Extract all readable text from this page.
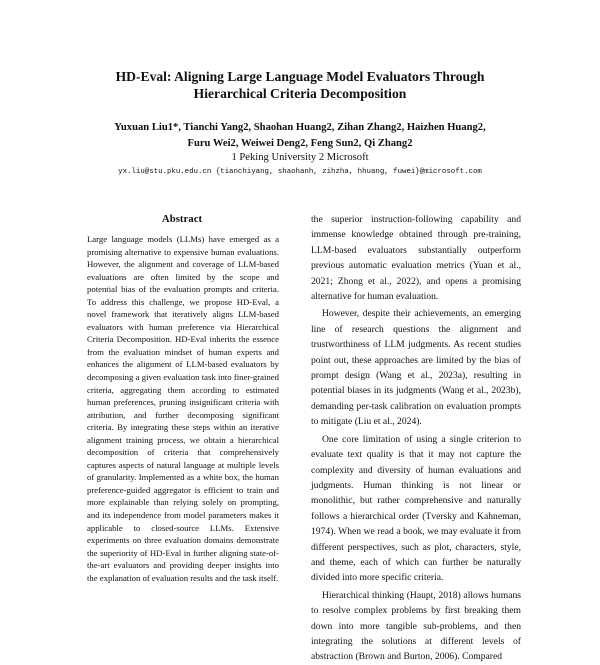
HD-Eval: Aligning Large Language Model Evaluators Through
Hierarchical Criteria Decomposition
Yuxuan Liu1*, Tianchi Yang2, Shaohan Huang2, Zihan Zhang2, Haizhen Huang2,
Furu Wei2, Weiwei Deng2, Feng Sun2, Qi Zhang2
1 Peking University 2 Microsoft
yx.liu@stu.pku.edu.cn {tianchiyang, shaohanh, zihzha, hhuang, fuwei}@microsoft.com
Abstract

Large language models (LLMs) have emerged as a promising alternative to expensive human evaluations. However, the alignment and coverage of LLM-based evaluations are often limited by the scope and potential bias of the evaluation prompts and criteria. To address this challenge, we propose HD-Eval, a novel framework that iteratively aligns LLM-based evaluators with human preference via Hierarchical Criteria Decomposition. HD-Eval inherits the essence from the evaluation mindset of human experts and enhances the alignment of LLM-based evaluators by decomposing a given evaluation task into finer-grained criteria, aggregating them according to estimated human preferences, pruning insignificant criteria with attribution, and further decomposing significant criteria. By integrating these steps within an iterative alignment training process, we obtain a hierarchical decomposition of criteria that comprehensively captures aspects of natural language at multiple levels of granularity. Implemented as a white box, the human preference-guided aggregator is efficient to train and more explainable than relying solely on prompting, and its independence from model parameters makes it applicable to closed-source LLMs. Extensive experiments on three evaluation domains demonstrate the superiority of HD-Eval in further aligning state-of-the-art evaluators and providing deeper insights into the explanation of evaluation results and the task itself.

the superior instruction-following capability and immense knowledge obtained through pre-training, LLM-based evaluators substantially outperform previous automatic evaluation metrics (Yuan et al., 2021; Zhong et al., 2022), and opens a promising alternative for human evaluation.

However, despite their achievements, an emerging line of research questions the alignment and trustworthiness of LLM judgments. As recent studies point out, these approaches are limited by the bias of prompt design (Wang et al., 2023a), resulting in potential biases in its judgments (Wang et al., 2023b), demanding per-task calibration on evaluation prompts to mitigate (Liu et al., 2024).

One core limitation of using a single criterion to evaluate text quality is that it may not capture the complexity and diversity of human evaluations and judgments. Human thinking is not linear or monolithic, but rather comprehensive and naturally follows a hierarchical order (Tversky and Kahneman, 1974). When we read a book, we may evaluate it from different perspectives, such as plot, characters, style, and theme, each of which can further be naturally divided into more specific criteria.

Hierarchical thinking (Haupt, 2018) allows humans to resolve complex problems by first breaking them down into more tangible sub-problems, and then integrating the solutions at different levels of abstraction (Brown and Burton, 2006). Compared
